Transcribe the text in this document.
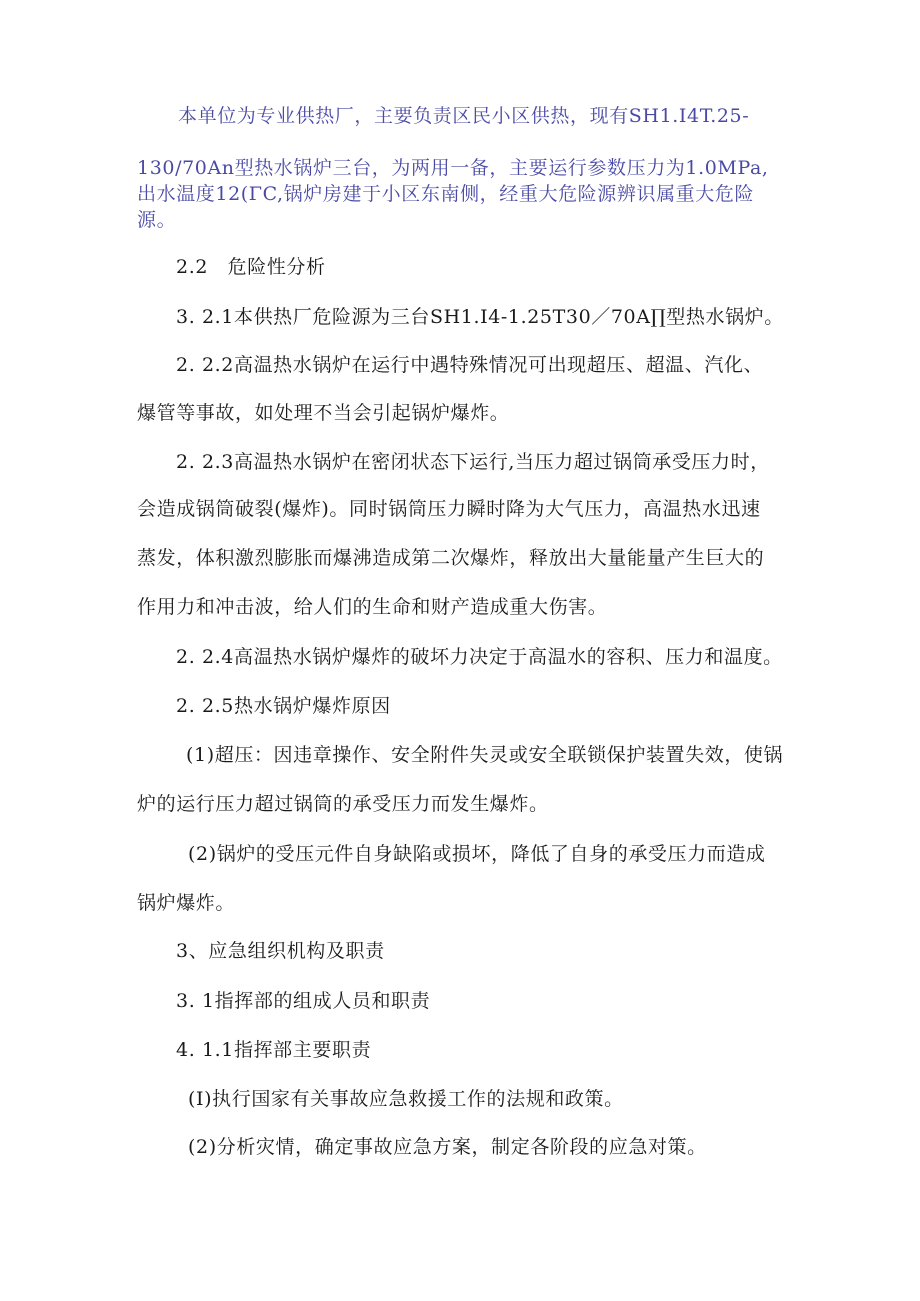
本单位为专业供热厂，主要负责区民小区供热，现有SH1.I4T.25-
130/70An型热水锅炉三台，为两用一备，主要运行参数压力为1.0MPa,
出水温度12(ΓC,锅炉房建于小区东南侧，经重大危险源辨识属重大危险
源。
2.2　危险性分析
3. 2.1本供热厂危险源为三台SH1.I4-1.25T30／70A∏型热水锅炉。
2. 2.2高温热水锅炉在运行中遇特殊情况可出现超压、超温、汽化、
爆管等事故，如处理不当会引起锅炉爆炸。
2. 2.3高温热水锅炉在密闭状态下运行,当压力超过锅筒承受压力时，
会造成锅筒破裂(爆炸)。同时锅筒压力瞬时降为大气压力，高温热水迅速
蒸发，体积激烈膨胀而爆沸造成第二次爆炸，释放出大量能量产生巨大的
作用力和冲击波，给人们的生命和财产造成重大伤害。
2. 2.4高温热水锅炉爆炸的破坏力决定于高温水的容积、压力和温度。
2. 2.5热水锅炉爆炸原因
(1)超压：因违章操作、安全附件失灵或安全联锁保护装置失效，使锅
炉的运行压力超过锅筒的承受压力而发生爆炸。
(2)锅炉的受压元件自身缺陷或损坏，降低了自身的承受压力而造成
锅炉爆炸。
3、应急组织机构及职责
3. 1指挥部的组成人员和职责
4. 1.1指挥部主要职责
(I)执行国家有关事故应急救援工作的法规和政策。
(2)分析灾情，确定事故应急方案，制定各阶段的应急对策。
